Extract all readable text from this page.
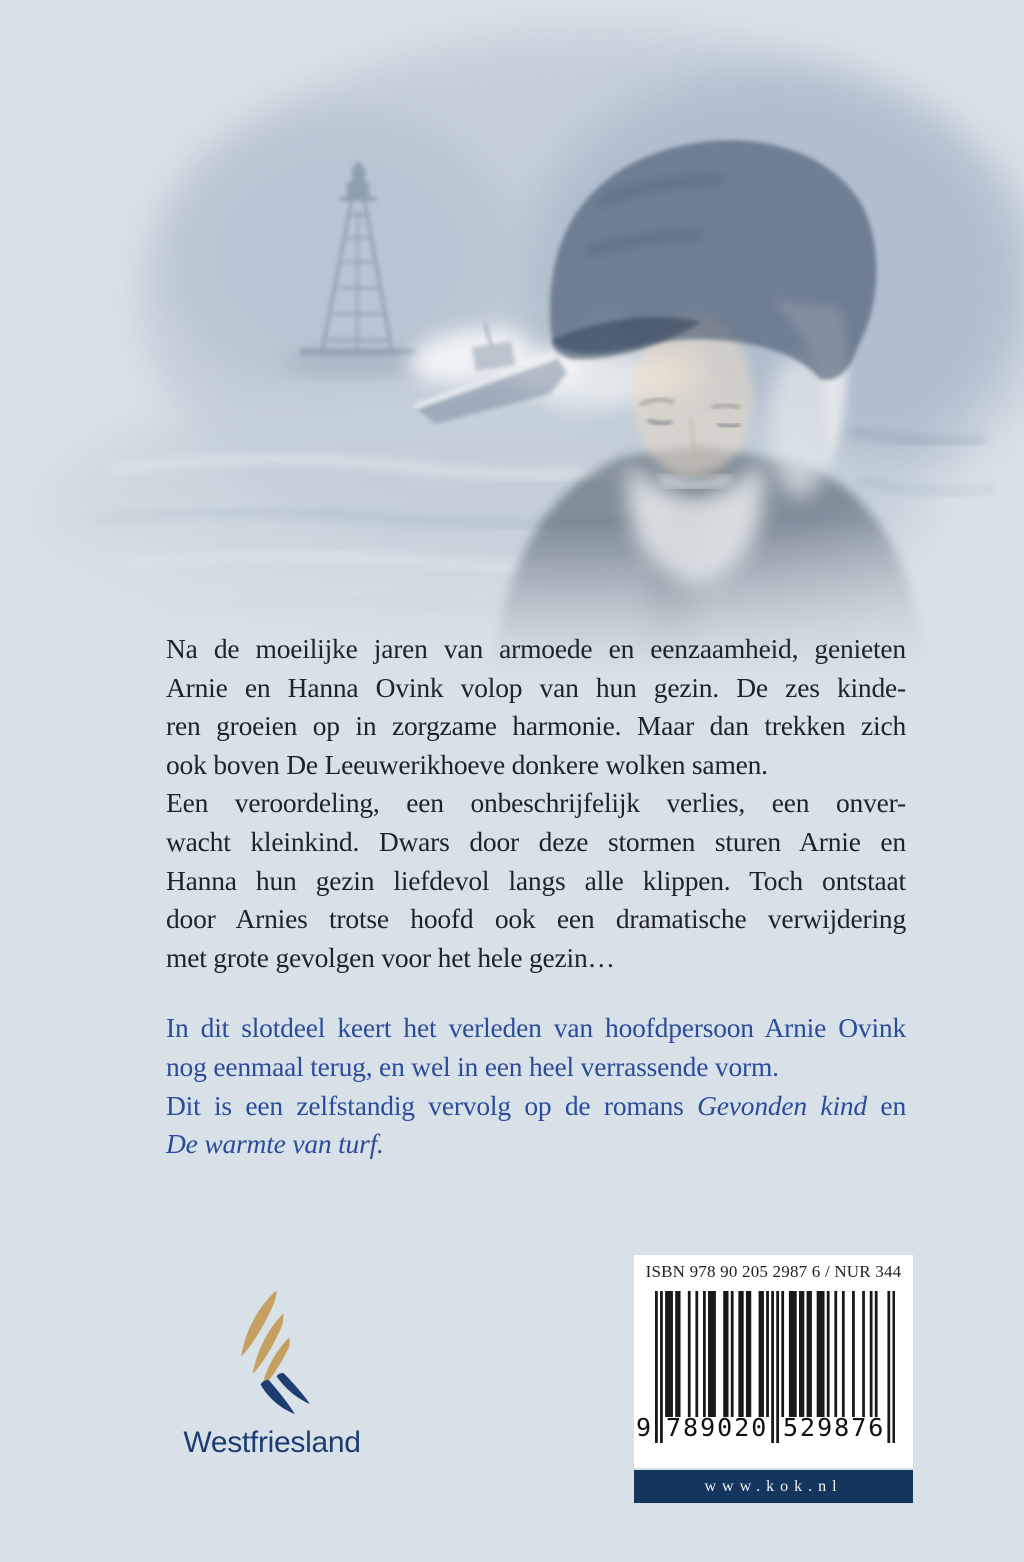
Na de moeilijke jaren van armoede en eenzaamheid, genieten
Arnie en Hanna Ovink volop van hun gezin. De zes kinde-
ren groeien op in zorgzame harmonie. Maar dan trekken zich
ook boven De Leeuwerikhoeve donkere wolken samen.
Een veroordeling, een onbeschrijfelijk verlies, een onver-
wacht kleinkind. Dwars door deze stormen sturen Arnie en
Hanna hun gezin liefdevol langs alle klippen. Toch ontstaat
door Arnies trotse hoofd ook een dramatische verwijdering
met grote gevolgen voor het hele gezin…
In dit slotdeel keert het verleden van hoofdpersoon Arnie Ovink
nog eenmaal terug, en wel in een heel verrassende vorm.
Dit is een zelfstandig vervolg op de romans Gevonden kind en
De warmte van turf.
Westfriesland
ISBN 978 90 205 2987 6 / NUR 344
9 789020 529876
www.kok.nl
